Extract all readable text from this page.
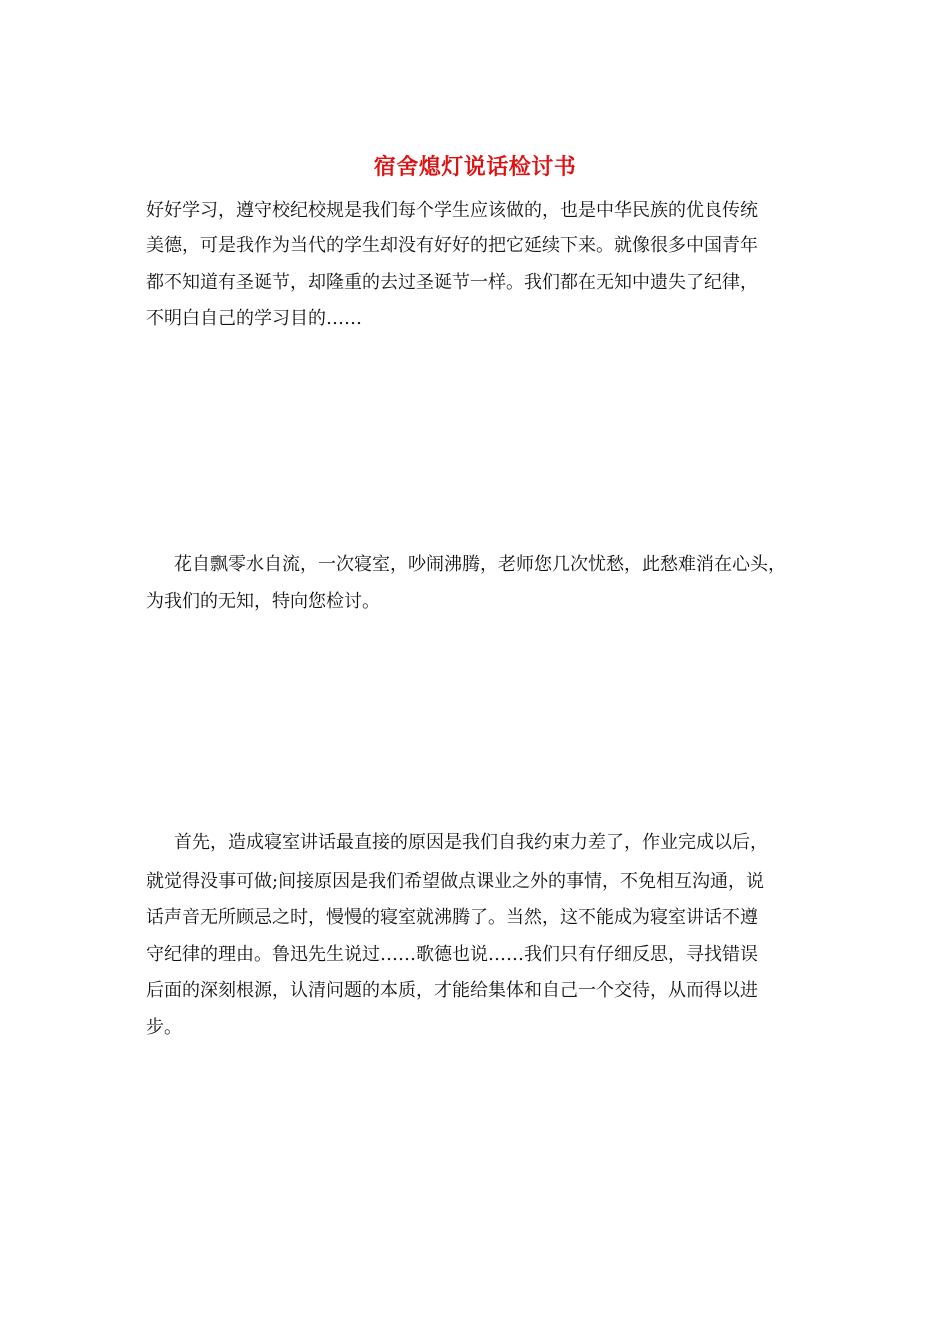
宿舍熄灯说话检讨书

好好学习，遵守校纪校规是我们每个学生应该做的，也是中华民族的优良传统

美德，可是我作为当代的学生却没有好好的把它延续下来。就像很多中国青年

都不知道有圣诞节，却隆重的去过圣诞节一样。我们都在无知中遗失了纪律，

不明白自己的学习目的……

花自飘零水自流，一次寝室，吵闹沸腾，老师您几次忧愁，此愁难消在心头，

为我们的无知，特向您检讨。

首先，造成寝室讲话最直接的原因是我们自我约束力差了，作业完成以后，

就觉得没事可做;间接原因是我们希望做点课业之外的事情，不免相互沟通，说

话声音无所顾忌之时，慢慢的寝室就沸腾了。当然，这不能成为寝室讲话不遵

守纪律的理由。鲁迅先生说过……歌德也说……我们只有仔细反思，寻找错误

后面的深刻根源，认清问题的本质，才能给集体和自己一个交待，从而得以进

步。
